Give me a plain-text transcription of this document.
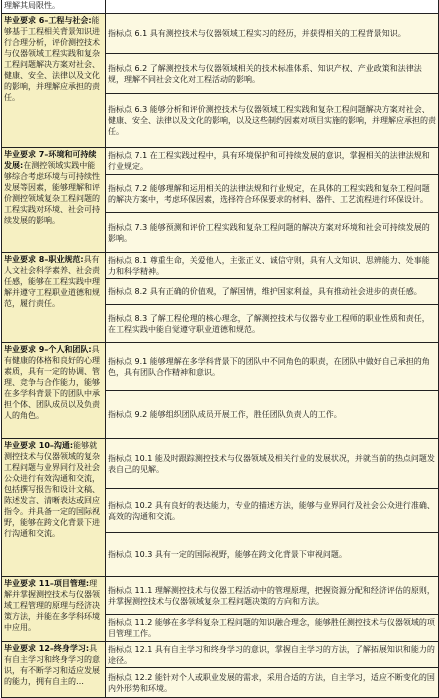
理解其局限性。	
毕业要求 6–工程与社会:能够基于工程相关背景知识进行合理分析，评价测控技术与仪器领域工程实践和复杂工程问题解决方案对社会、健康、安全、法律以及文化的影响，并理解应承担的责任。	指标点 6.1 具有测控技术与仪器领域工程实习的经历，并获得相关的工程背景知识。
	指标点 6.2 了解测控技术与仪器领域相关的技术标准体系、知识产权、产业政策和法律法规，理解不同社会文化对工程活动的影响。
	指标点 6.3 能够分析和评价测控技术与仪器领域工程实践和复杂工程问题解决方案对社会、健康、安全、法律以及文化的影响，以及这些制约因素对项目实施的影响，并理解应承担的责任。
毕业要求 7–环境和可持续发展:在测控领域实践中能够综合考虑环境与可持续性发展等因素，能够理解和评价测控领域复杂工程问题的工程实践对环境、社会可持续发展的影响。	指标点 7.1 在工程实践过程中，具有环境保护和可持续发展的意识，掌握相关的法律法规和行业规定。
	指标点 7.2 能够理解和运用相关的法律法规和行业规定，在具体的工程实践和复杂工程问题的解决方案中，考虑环保因素，选择符合环保要求的材料、器件、工艺流程进行环保设计。
	指标点 7.3 能够预测和评价工程实践和复杂工程问题的解决方案对环境和社会可持续发展的影响。
毕业要求 8–职业规范:具有人文社会科学素养、社会责任感，能够在工程实践中理解并遵守工程职业道德和规范，履行责任。	指标点 8.1 尊重生命，关爱他人，主张正义、诚信守则，具有人文知识、思辨能力、处事能力和科学精神。
	指标点 8.2 具有正确的价值观，了解国情，维护国家利益，具有推动社会进步的责任感。
	指标点 8.3 了解工程伦理的核心理念，了解测控技术与仪器专业工程师的职业性质和责任，在工程实践中能自觉遵守职业道德和规范。
毕业要求 9–个人和团队:具有健康的体格和良好的心理素质，具有一定的协调、管理、竞争与合作能力，能够在多学科背景下的团队中承担个体、团队成员以及负责人的角色。	指标点 9.1 能够理解在多学科背景下的团队中不同角色的职责，在团队中做好自己承担的角色，具有团队合作精神和意识。
	指标点 9.2 能够组织团队成员开展工作，胜任团队负责人的工作。
毕业要求 10–沟通:能够就测控技术与仪器领域的复杂工程问题与业界同行及社会公众进行有效沟通和交流，包括撰写报告和设计文稿、陈述发言、清晰表达或回应指令。并具备一定的国际视野，能够在跨文化背景下进行沟通和交流。	指标点 10.1 能及时跟踪测控技术与仪器领域及相关行业的发展状况，并就当前的热点问题发表自己的见解。
	指标点 10.2 具有良好的表达能力，专业的描述方法，能够与业界同行及社会公众进行准确、高效的沟通和交流。
	指标点 10.3 具有一定的国际视野，能够在跨文化背景下审视问题。
毕业要求 11–项目管理:理解并掌握测控技术与仪器领域工程管理的原理与经济决策方法，并能在多学科环境中应用。	指标点 11.1 理解测控技术与仪器工程活动中的管理原理，把握资源分配和经济评估的原则，并掌握测控技术与仪器领域复杂工程问题决策的方向和方法。
	指标点 11.2 能够在多学科复杂工程问题的知识融合理念，能够胜任测控技术与仪器领域的项目管理工作。
毕业要求 12–终身学习:具有自主学习和终身学习的意识，有不断学习和适应发展的能力，拥有自主的…	指标点 12.1 具有自主学习和终身学习的意识，掌握自主学习的方法，了解拓展知识和能力的途径。
	指标点 12.2 能针对个人或职业发展的需求，采用合适的方法，自主学习，适应不断变化的国内外形势和环境。
